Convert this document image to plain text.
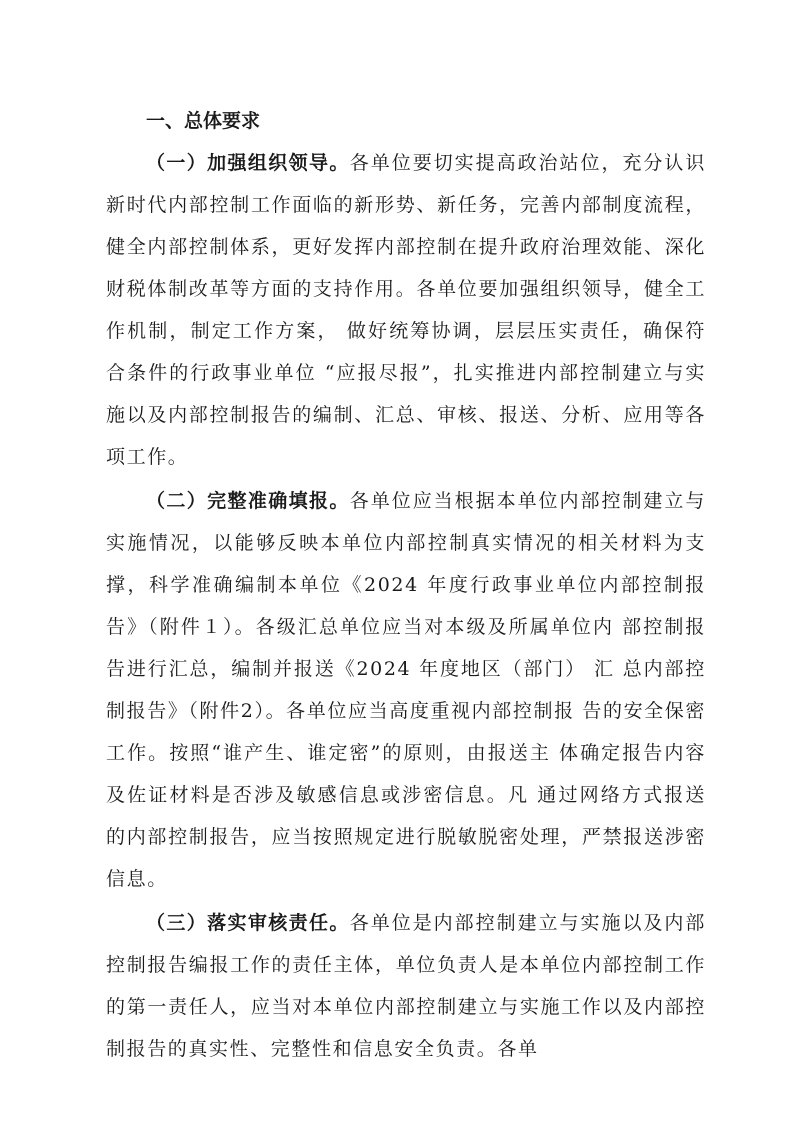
一、总体要求

（一）加强组织领导。各单位要切实提高政治站位，充分认识新时代内部控制工作面临的新形势、新任务，完善内部制度流程，健全内部控制体系，更好发挥内部控制在提升政府治理效能、深化财税体制改革等方面的支持作用。各单位要加强组织领导，健全工作机制，制定工作方案， 做好统筹协调，层层压实责任，确保符合条件的行政事业单位 “应报尽报”，扎实推进内部控制建立与实施以及内部控制报告的编制、汇总、审核、报送、分析、应用等各项工作。

（二）完整准确填报。各单位应当根据本单位内部控制建立与实施情况，以能够反映本单位内部控制真实情况的相关材料为支撑，科学准确编制本单位《2024 年度行政事业单位内部控制报告》（附件１）。各级汇总单位应当对本级及所属单位内 部控制报告进行汇总，编制并报送《2024 年度地区（部门） 汇 总内部控制报告》（附件2）。各单位应当高度重视内部控制报 告的安全保密工作。按照“谁产生、谁定密”的原则，由报送主 体确定报告内容及佐证材料是否涉及敏感信息或涉密信息。凡 通过网络方式报送的内部控制报告，应当按照规定进行脱敏脱密处理，严禁报送涉密信息。

（三）落实审核责任。各单位是内部控制建立与实施以及内部控制报告编报工作的责任主体，单位负责人是本单位内部控制工作的第一责任人，应当对本单位内部控制建立与实施工作以及内部控制报告的真实性、完整性和信息安全负责。各单
